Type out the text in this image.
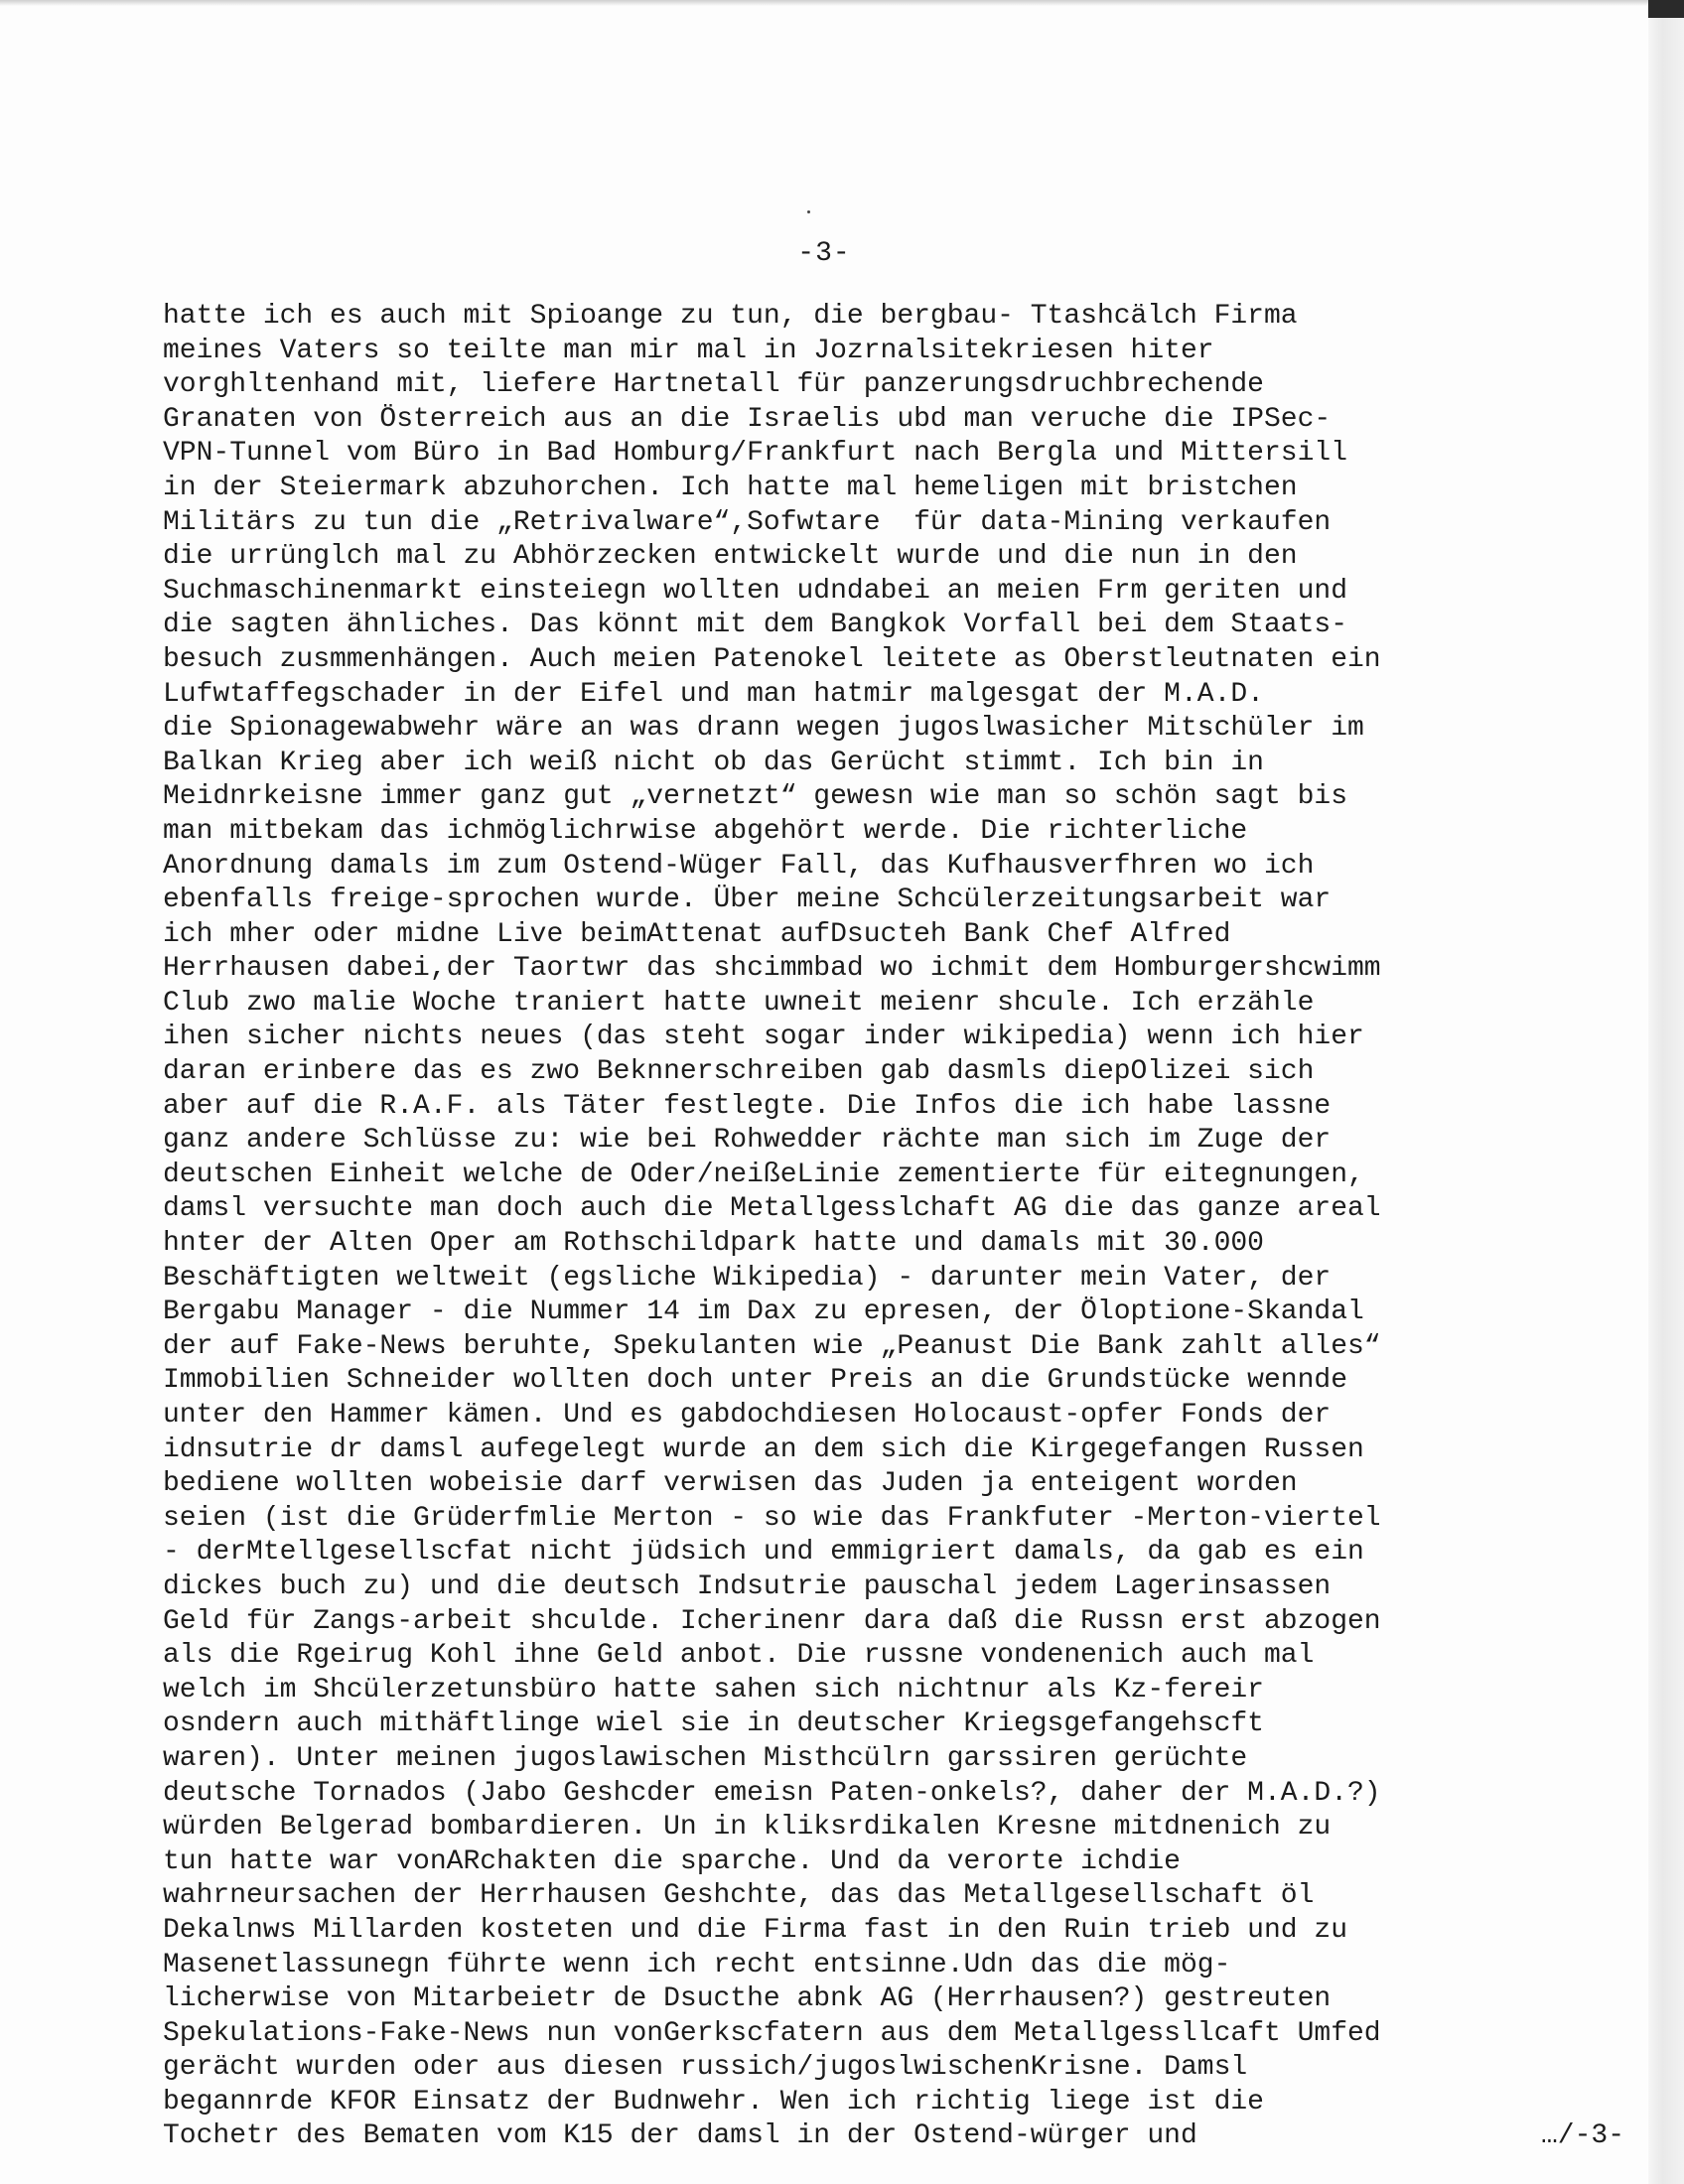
-3-
hatte ich es auch mit Spioange zu tun, die bergbau- Ttashcälch Firma
meines Vaters so teilte man mir mal in Jozrnalsitekriesen hiter
vorghltenhand mit, liefere Hartnetall für panzerungsdruchbrechende
Granaten von Österreich aus an die Israelis ubd man veruche die IPSec-
VPN-Tunnel vom Büro in Bad Homburg/Frankfurt nach Bergla und Mittersill
in der Steiermark abzuhorchen. Ich hatte mal hemeligen mit bristchen
Militärs zu tun die „Retrivalware“,Sofwtare  für data-Mining verkaufen
die urrünglch mal zu Abhörzecken entwickelt wurde und die nun in den
Suchmaschinenmarkt einsteiegn wollten udndabei an meien Frm geriten und
die sagten ähnliches. Das könnt mit dem Bangkok Vorfall bei dem Staats-
besuch zusmmenhängen. Auch meien Patenokel leitete as Oberstleutnaten ein
Lufwtaffegschader in der Eifel und man hatmir malgesgat der M.A.D.
die Spionagewabwehr wäre an was drann wegen jugoslwasicher Mitschüler im
Balkan Krieg aber ich weiß nicht ob das Gerücht stimmt. Ich bin in
Meidnrkeisne immer ganz gut „vernetzt“ gewesn wie man so schön sagt bis
man mitbekam das ichmöglichrwise abgehört werde. Die richterliche
Anordnung damals im zum Ostend-Wüger Fall, das Kufhausverfhren wo ich
ebenfalls freige-sprochen wurde. Über meine Schcülerzeitungsarbeit war
ich mher oder midne Live beimAttenat aufDsucteh Bank Chef Alfred
Herrhausen dabei,der Taortwr das shcimmbad wo ichmit dem Homburgershcwimm
Club zwo malie Woche traniert hatte uwneit meienr shcule. Ich erzähle
ihen sicher nichts neues (das steht sogar inder wikipedia) wenn ich hier
daran erinbere das es zwo Beknnerschreiben gab dasmls diepOlizei sich
aber auf die R.A.F. als Täter festlegte. Die Infos die ich habe lassne
ganz andere Schlüsse zu: wie bei Rohwedder rächte man sich im Zuge der
deutschen Einheit welche de Oder/neißeLinie zementierte für eitegnungen,
damsl versuchte man doch auch die Metallgesslchaft AG die das ganze areal
hnter der Alten Oper am Rothschildpark hatte und damals mit 30.000
Beschäftigten weltweit (egsliche Wikipedia) - darunter mein Vater, der
Bergabu Manager - die Nummer 14 im Dax zu epresen, der Öloptione-Skandal
der auf Fake-News beruhte, Spekulanten wie „Peanust Die Bank zahlt alles“
Immobilien Schneider wollten doch unter Preis an die Grundstücke wennde
unter den Hammer kämen. Und es gabdochdiesen Holocaust-opfer Fonds der
idnsutrie dr damsl aufegelegt wurde an dem sich die Kirgegefangen Russen
bediene wollten wobeisie darf verwisen das Juden ja enteigent worden
seien (ist die Grüderfmlie Merton - so wie das Frankfuter -Merton-viertel
- derMtellgesellscfat nicht jüdsich und emmigriert damals, da gab es ein
dickes buch zu) und die deutsch Indsutrie pauschal jedem Lagerinsassen
Geld für Zangs-arbeit shculde. Icherinenr dara daß die Russn erst abzogen
als die Rgeirug Kohl ihne Geld anbot. Die russne vondenenich auch mal
welch im Shcülerzetunsbüro hatte sahen sich nichtnur als Kz-fereir
osndern auch mithäftlinge wiel sie in deutscher Kriegsgefangehscft
waren). Unter meinen jugoslawischen Misthcülrn garssiren gerüchte
deutsche Tornados (Jabo Geshcder emeisn Paten-onkels?, daher der M.A.D.?)
würden Belgerad bombardieren. Un in kliksrdikalen Kresne mitdnenich zu
tun hatte war vonARchakten die sparche. Und da verorte ichdie
wahrneursachen der Herrhausen Geshchte, das das Metallgesellschaft öl
Dekalnws Millarden kosteten und die Firma fast in den Ruin trieb und zu
Masenetlassunegn führte wenn ich recht entsinne.Udn das die mög-
licherwise von Mitarbeietr de Dsucthe abnk AG (Herrhausen?) gestreuten
Spekulations-Fake-News nun vonGerkscfatern aus dem Metallgessllcaft Umfed
gerächt wurden oder aus diesen russich/jugoslwischenKrisne. Damsl
begannrde KFOR Einsatz der Budnwehr. Wen ich richtig liege ist die
Tochetr des Bematen vom K15 der damsl in der Ostend-würger und	…/-3-
